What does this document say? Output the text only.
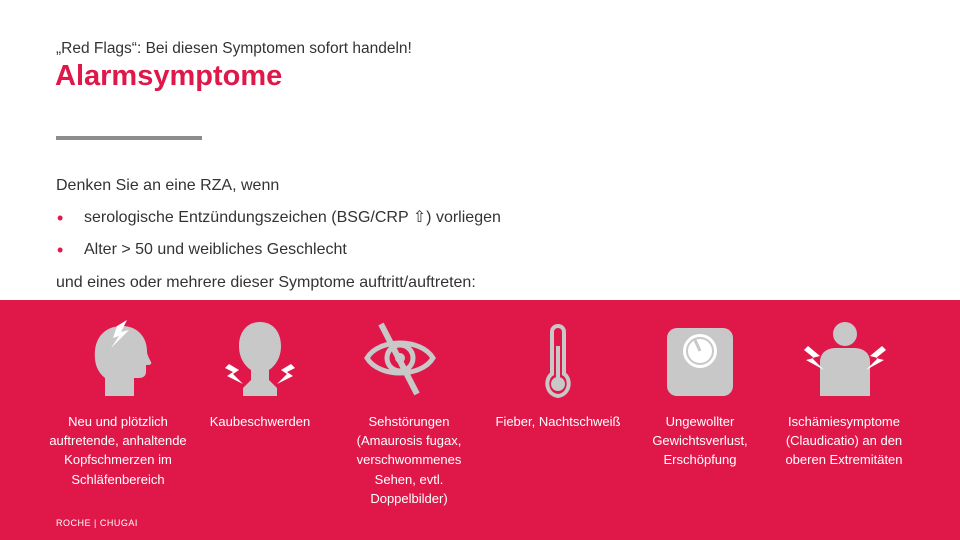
„Red Flags“: Bei diesen Symptomen sofort handeln!
Alarmsymptome
Denken Sie an eine RZA, wenn
• serologische Entzündungszeichen (BSG/CRP ⇧) vorliegen
• Alter > 50 und weibliches Geschlecht
und eines oder mehrere dieser Symptome auftritt/auftreten:
Neu und plötzlich auftretende, anhaltende Kopfschmerzen im Schläfenbereich
Kaubeschwerden	Sehstörungen (Amaurosis fugax, verschwommenes Sehen, evtl. Doppelbilder)
Fieber, Nachtschweiß	Ungewollter Gewichtsverlust, Erschöpfung
Ischämiesymptome (Claudicatio) an den oberen Extremitäten
ROCHE | CHUGAI
